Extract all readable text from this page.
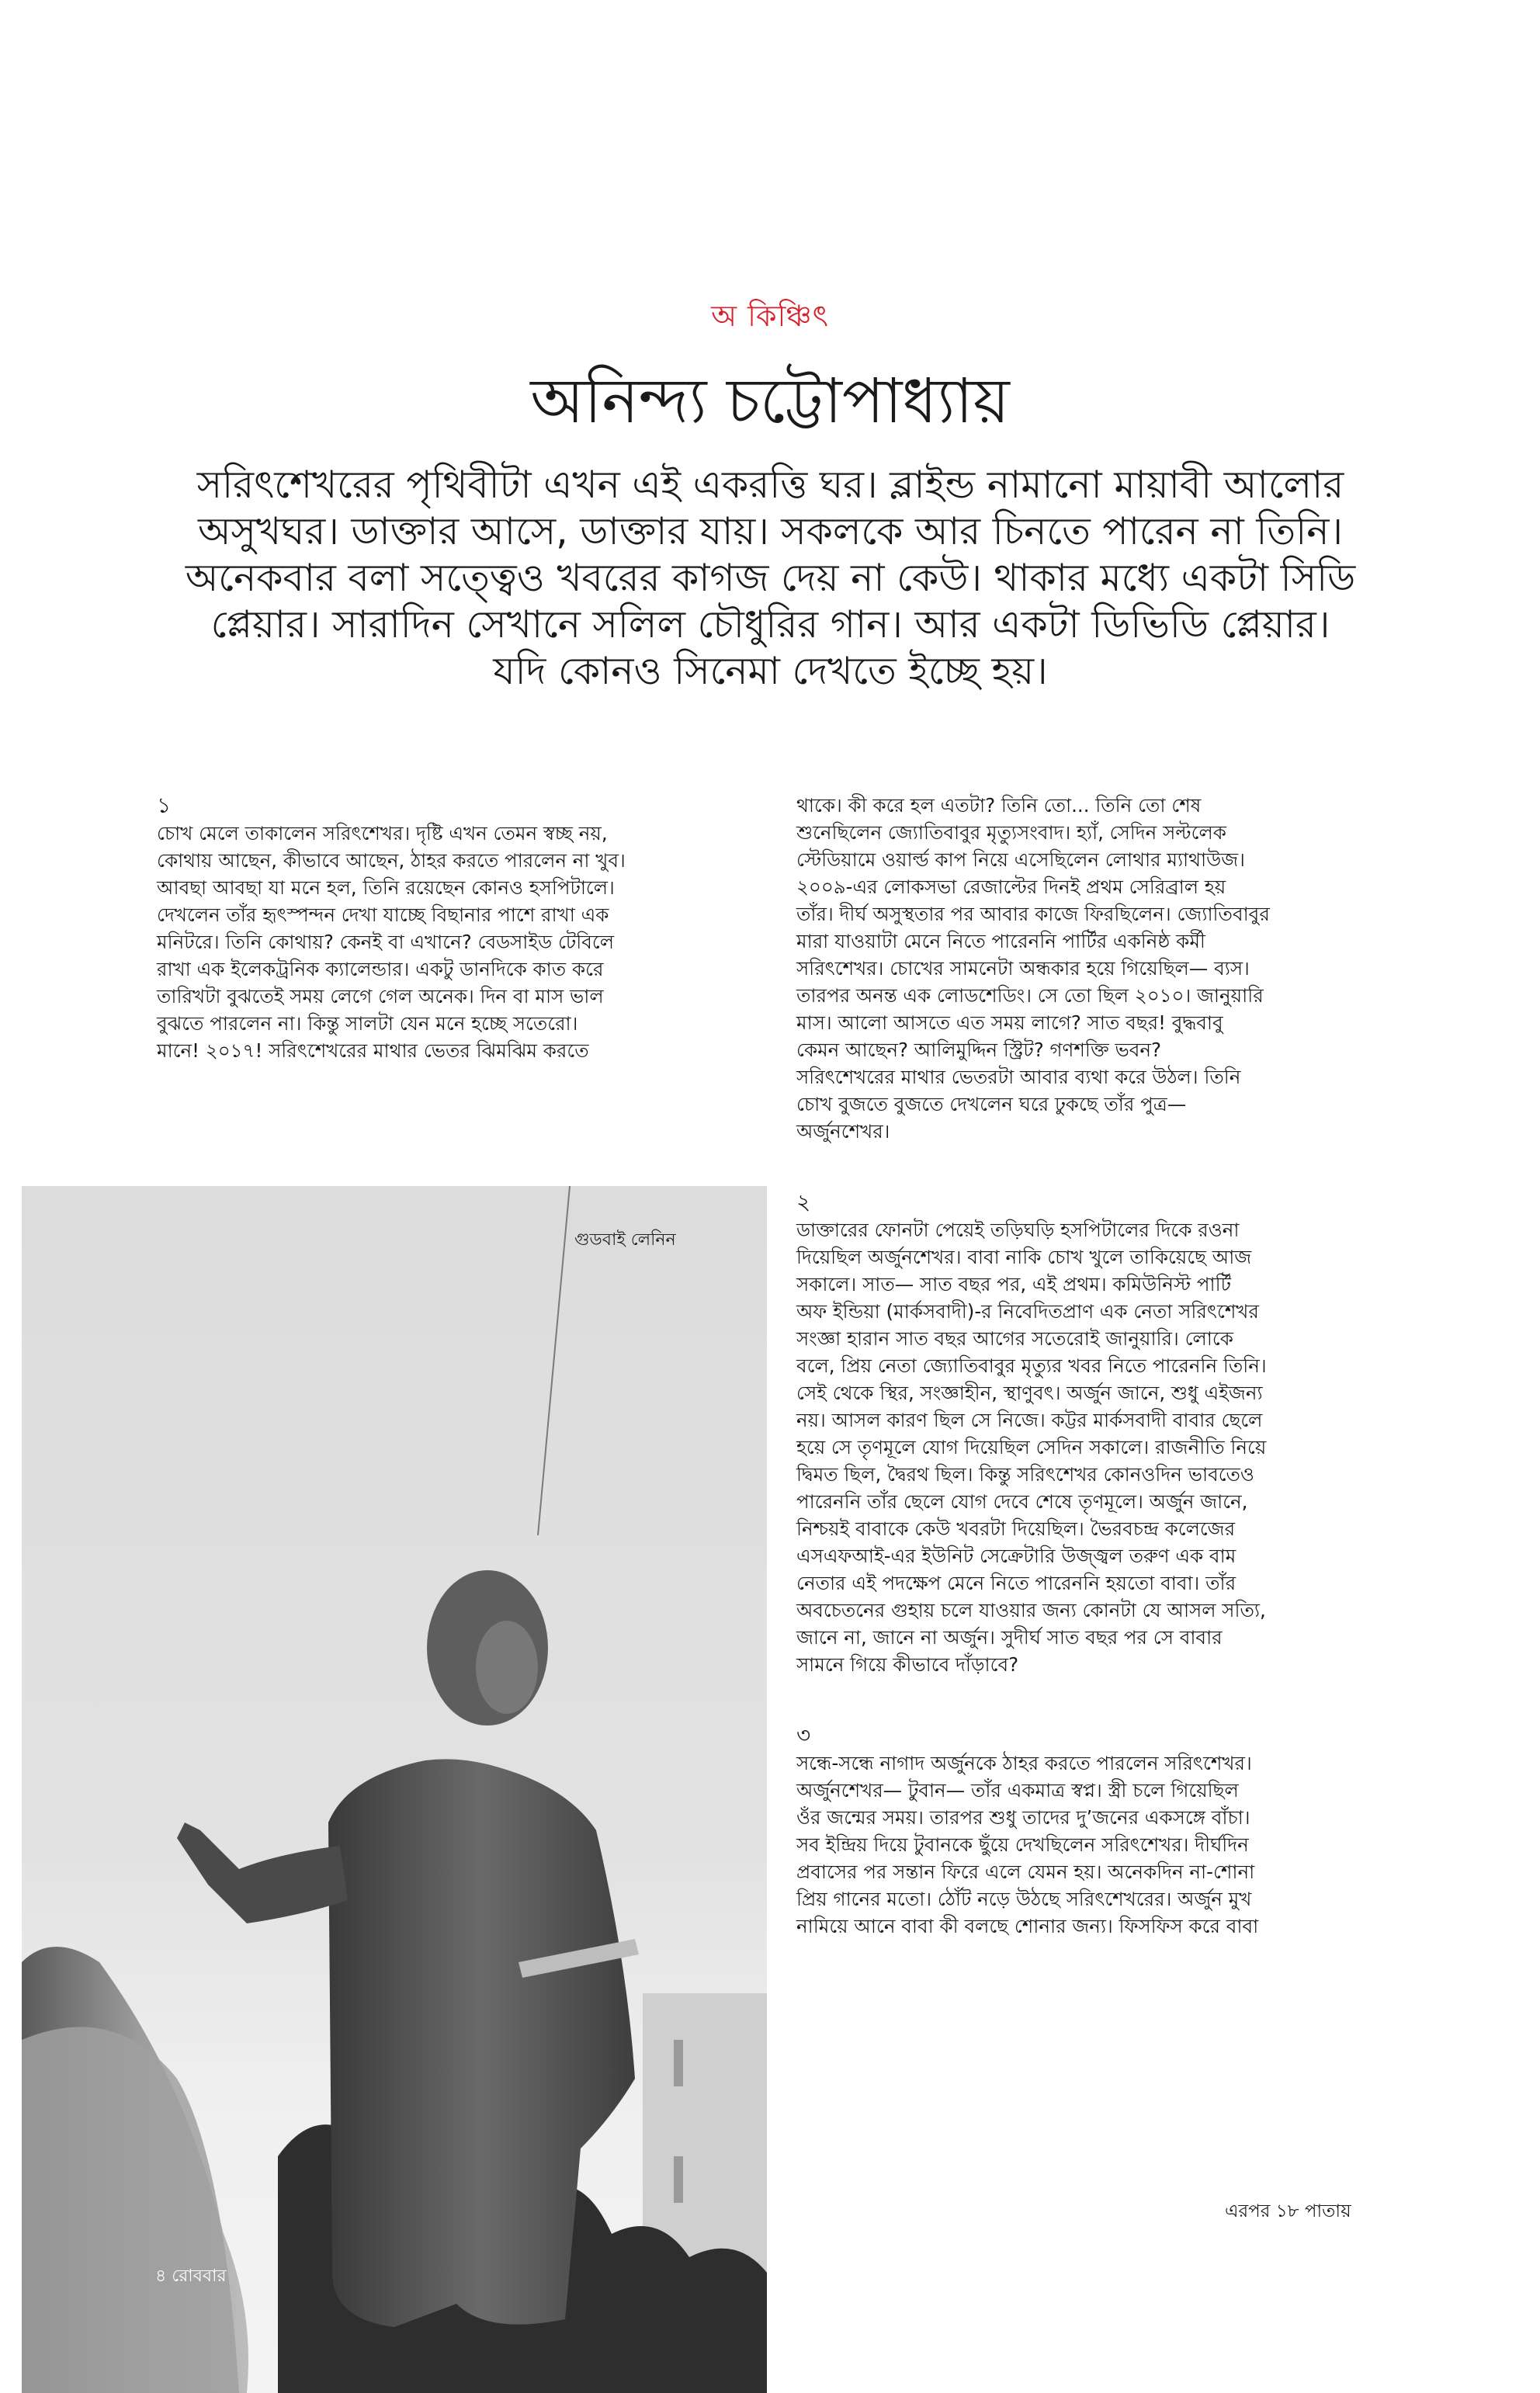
অ কিঞ্চিৎ
অনিন্দ্য চট্টোপাধ্যায়
সরিৎশেখরের পৃথিবীটা এখন এই একরত্তি ঘর। ব্লাইন্ড নামানো মায়াবী আলোর
অসুখঘর। ডাক্তার আসে, ডাক্তার যায়। সকলকে আর চিনতে পারেন না তিনি।
অনেকবার বলা সত্ত্বেও খবরের কাগজ দেয় না কেউ। থাকার মধ্যে একটা সিডি
প্লেয়ার। সারাদিন সেখানে সলিল চৌধুরির গান। আর একটা ডিভিডি প্লেয়ার।
যদি কোনও সিনেমা দেখতে ইচ্ছে হয়।
১
চোখ মেলে তাকালেন সরিৎশেখর। দৃষ্টি এখন তেমন স্বচ্ছ নয়,
কোথায় আছেন, কীভাবে আছেন, ঠাহর করতে পারলেন না খুব।
আবছা আবছা যা মনে হল, তিনি রয়েছেন কোনও হসপিটালে।
দেখলেন তাঁর হৃৎস্পন্দন দেখা যাচ্ছে বিছানার পাশে রাখা এক
মনিটরে। তিনি কোথায়? কেনই বা এখানে? বেডসাইড টেবিলে
রাখা এক ইলেকট্রনিক ক্যালেন্ডার। একটু ডানদিকে কাত করে
তারিখটা বুঝতেই সময় লেগে গেল অনেক। দিন বা মাস ভাল
বুঝতে পারলেন না। কিন্তু সালটা যেন মনে হচ্ছে সতেরো।
মানে! ২০১৭! সরিৎশেখরের মাথার ভেতর ঝিমঝিম করতে
গুডবাই লেনিন
৪ রোববার
থাকে। কী করে হল এতটা? তিনি তো... তিনি তো শেষ
শুনেছিলেন জ্যোতিবাবুর মৃত্যুসংবাদ। হ্যাঁ, সেদিন সল্টলেক
স্টেডিয়ামে ওয়ার্ল্ড কাপ নিয়ে এসেছিলেন লোথার ম্যাথাউজ।
২০০৯-এর লোকসভা রেজাল্টের দিনই প্রথম সেরিব্রাল হয়
তাঁর। দীর্ঘ অসুস্থতার পর আবার কাজে ফিরছিলেন। জ্যোতিবাবুর
মারা যাওয়াটা মেনে নিতে পারেননি পার্টির একনিষ্ঠ কর্মী
সরিৎশেখর। চোখের সামনেটা অন্ধকার হয়ে গিয়েছিল— ব্যস।
তারপর অনন্ত এক লোডশেডিং। সে তো ছিল ২০১০। জানুয়ারি
মাস। আলো আসতে এত সময় লাগে? সাত বছর! বুদ্ধবাবু
কেমন আছেন? আলিমুদ্দিন স্ট্রিট? গণশক্তি ভবন?
সরিৎশেখরের মাথার ভেতরটা আবার ব্যথা করে উঠল। তিনি
চোখ বুজতে বুজতে দেখলেন ঘরে ঢুকছে তাঁর পুত্র—
অর্জুনশেখর।
২
ডাক্তারের ফোনটা পেয়েই তড়িঘড়ি হসপিটালের দিকে রওনা
দিয়েছিল অর্জুনশেখর। বাবা নাকি চোখ খুলে তাকিয়েছে আজ
সকালে। সাত— সাত বছর পর, এই প্রথম। কমিউনিস্ট পার্টি
অফ ইন্ডিয়া (মার্কসবাদী)-র নিবেদিতপ্রাণ এক নেতা সরিৎশেখর
সংজ্ঞা হারান সাত বছর আগের সতেরোই জানুয়ারি। লোকে
বলে, প্রিয় নেতা জ্যোতিবাবুর মৃত্যুর খবর নিতে পারেননি তিনি।
সেই থেকে স্থির, সংজ্ঞাহীন, স্থাণুবৎ। অর্জুন জানে, শুধু এইজন্য
নয়। আসল কারণ ছিল সে নিজে। কট্টর মার্কসবাদী বাবার ছেলে
হয়ে সে তৃণমূলে যোগ দিয়েছিল সেদিন সকালে। রাজনীতি নিয়ে
দ্বিমত ছিল, দ্বৈরথ ছিল। কিন্তু সরিৎশেখর কোনওদিন ভাবতেও
পারেননি তাঁর ছেলে যোগ দেবে শেষে তৃণমূলে। অর্জুন জানে,
নিশ্চয়ই বাবাকে কেউ খবরটা দিয়েছিল। ভৈরবচন্দ্র কলেজের
এসএফআই-এর ইউনিট সেক্রেটারি উজ্জ্বল তরুণ এক বাম
নেতার এই পদক্ষেপ মেনে নিতে পারেননি হয়তো বাবা। তাঁর
অবচেতনের গুহায় চলে যাওয়ার জন্য কোনটা যে আসল সত্যি,
জানে না, জানে না অর্জুন। সুদীর্ঘ সাত বছর পর সে বাবার
সামনে গিয়ে কীভাবে দাঁড়াবে?
৩
সন্ধে-সন্ধে নাগাদ অর্জুনকে ঠাহর করতে পারলেন সরিৎশেখর।
অর্জুনশেখর— টুবান— তাঁর একমাত্র স্বপ্ন। স্ত্রী চলে গিয়েছিল
ওঁর জন্মের সময়। তারপর শুধু তাদের দু’জনের একসঙ্গে বাঁচা।
সব ইন্দ্রিয় দিয়ে টুবানকে ছুঁয়ে দেখছিলেন সরিৎশেখর। দীর্ঘদিন
প্রবাসের পর সন্তান ফিরে এলে যেমন হয়। অনেকদিন না-শোনা
প্রিয় গানের মতো। ঠোঁট নড়ে উঠছে সরিৎশেখরের। অর্জুন মুখ
নামিয়ে আনে বাবা কী বলছে শোনার জন্য। ফিসফিস করে বাবা
এরপর ১৮ পাতায়
